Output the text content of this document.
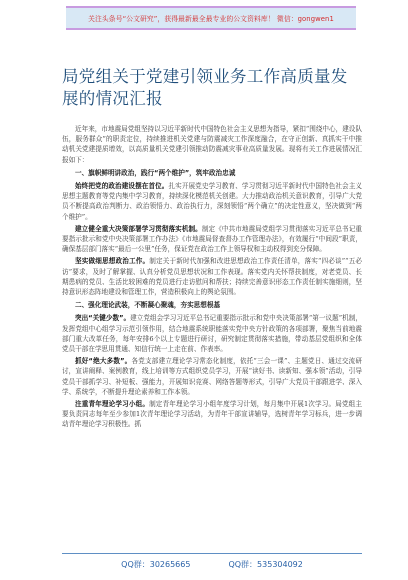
关注头条号“公文研究”，获得最新最全最专业的公文资料库！ 微信：gongwen1
局党组关于党建引领业务工作高质量发展的情况汇报

近年来，市地震局党组坚持以习近平新时代中国特色社会主义思想为指导，紧扣“围绕中心，建设队伍，服务群众”的职责定位，持续推进机关党建与防震减灾工作深度融合，在守正创新、真抓实干中推动机关党建提质增效，以高质量机关党建引领推动防震减灾事业高质量发展。现将有关工作进展情况汇报如下：

一、旗帜鲜明讲政治，践行“两个维护”，筑牢政治忠诚

始终把党的政治建设摆在首位。扎实开展党史学习教育、学习贯彻习近平新时代中国特色社会主义思想主题教育等党内集中学习教育，持续深化模范机关创建。大力推动政治机关意识教育，引导广大党员不断提高政治判断力、政治领悟力、政治执行力，深刻领悟“两个确立”的决定性意义，坚决做到“两个维护”。

建立健全重大决策部署学习贯彻落实机制。制定《中共市地震局党组学习贯彻落实习近平总书记重要指示批示和党中央决策部署工作办法》《市地震局督查督办工作管理办法》，有效履行“中间段”职责，确保基层部门落实“最后一公里”任务，保证党在政治工作上领导权和主动权得到充分保障。

坚实做细思想政治工作。制定关于新时代加强和改进思想政治工作责任清单，落实“四必谈”“五必访”要求，及时了解掌握、认真分析党员思想状况和工作表现。落实党内关怀帮扶制度，对老党员、长期患病的党员、生活比较困难的党员进行走访慰问和帮扶；持续完善意识形态工作责任制实施细则，坚持意识形态阵地建设和管理工作，营造积极向上的舆论氛围。

二、强化理论武装，不断凝心聚魂，夯实思想根基

突出“关键少数”。建立党组会学习习近平总书记重要指示批示和党中央决策部署“第一议题”机制，发挥党组中心组学习示范引领作用，结合地震系统职能落实党中央方针政策的各项部署，聚焦当前地震部门重大改革任务，每年安排6个以上专题进行研讨，研究制定贯彻落实措施，带动基层党组织和全体党员干部在学思用贯通、知信行统一上走在前、作表率。

抓好“绝大多数”。各党支部建立理论学习常态化制度，依托“三会一课”、主题党日、通过交流研讨，宣讲阐释、案例教育，线上培训等方式组织党员学习，开展“读好书、读新知、强本领”活动，引导党员干部抓学习、补短板、强能力，开展知识竞赛、网络答题等形式，引导广大党员干部跟进学、深入学、系统学，不断提升理论素养和工作本领。

注重青年理论学习小组。制定青年理论学习小组年度学习计划，每月集中开展1次学习。局党组主要负责同志每年至少参加1次青年理论学习活动，为青年干部宣讲辅导，选树青年学习标兵，进一步调动青年理论学习积极性。抓

QQ群：30265665	QQ群：535304092
